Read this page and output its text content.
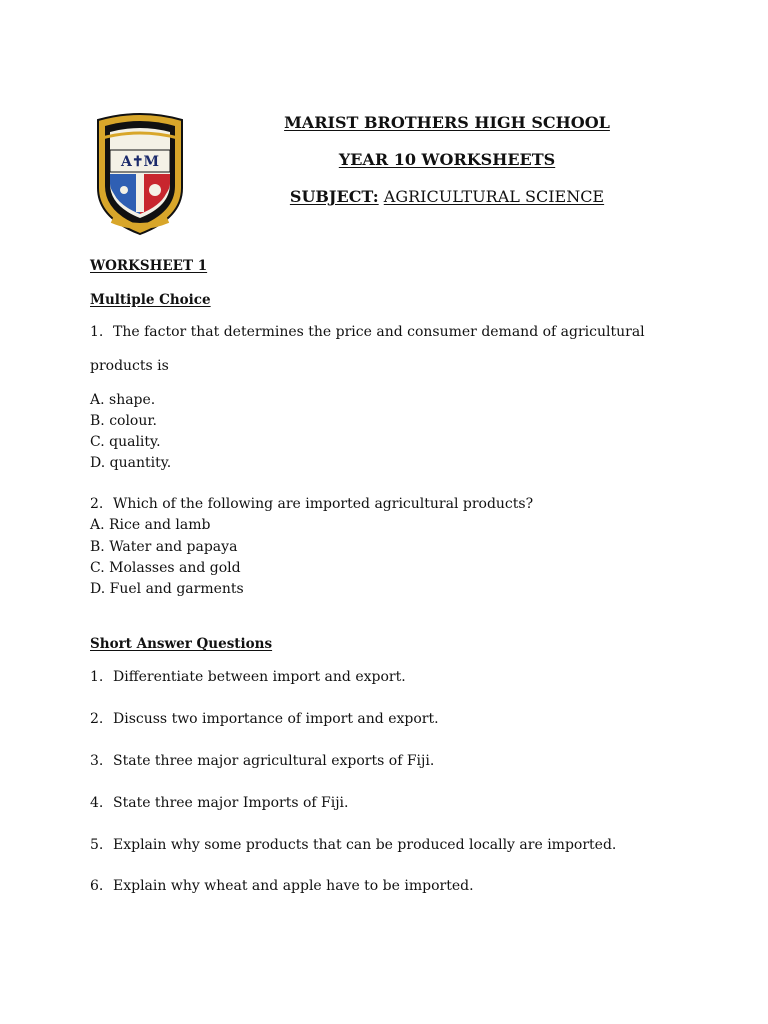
A✝M
MARIST BROTHERS HIGH SCHOOL
YEAR 10 WORKSHEETS
SUBJECT: AGRICULTURAL SCIENCE
WORKSHEET 1
Multiple Choice
1. The factor that determines the price and consumer demand of agricultural
products is
A. shape.
B. colour.
C. quality.
D. quantity.
2. Which of the following are imported agricultural products?
A. Rice and lamb
B. Water and papaya
C. Molasses and gold
D. Fuel and garments
Short Answer Questions
1. Differentiate between import and export.
2. Discuss two importance of import and export.
3. State three major agricultural exports of Fiji.
4. State three major Imports of Fiji.
5. Explain why some products that can be produced locally are imported.
6. Explain why wheat and apple have to be imported.
